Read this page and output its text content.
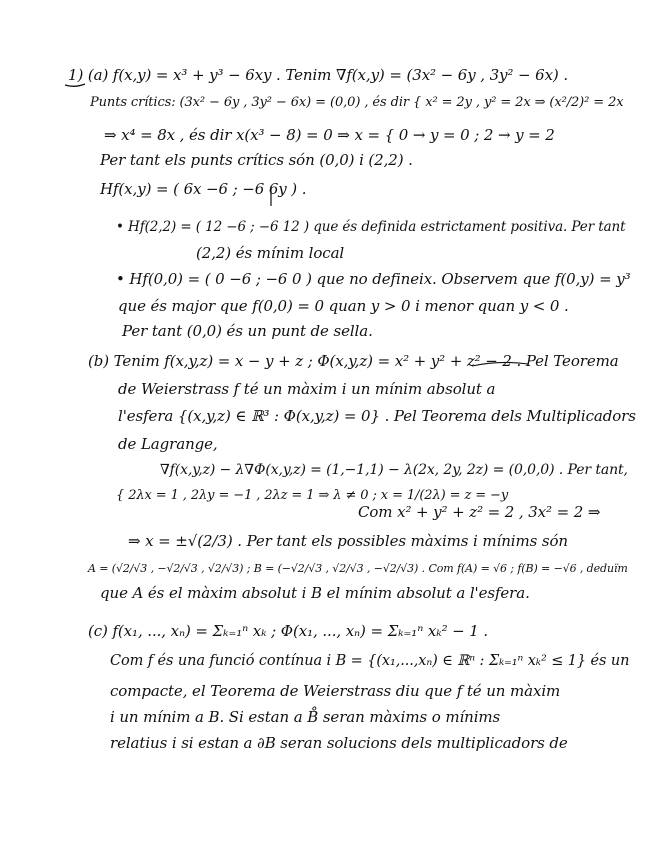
1) (a) f(x,y) = x³ + y³ − 6xy . Tenim ∇f(x,y) = (3x² − 6y , 3y² − 6x) .
Punts crítics: (3x² − 6y , 3y² − 6x) = (0,0) , és dir { x² = 2y , y² = 2x ⇒ (x²/2)² = 2x
⇒ x⁴ = 8x , és dir x(x³ − 8) = 0 ⇒ x = { 0 → y = 0 ; 2 → y = 2
Per tant els punts crítics són (0,0) i (2,2) .
Hf(x,y) = ( 6x −6 ; −6 6y ) .
• Hf(2,2) = ( 12 −6 ; −6 12 ) que és definida estrictament positiva. Per tant
(2,2) és mínim local
• Hf(0,0) = ( 0 −6 ; −6 0 ) que no defineix. Observem que f(0,y) = y³
que és major que f(0,0) = 0 quan y > 0 i menor quan y < 0 .
Per tant (0,0) és un punt de sella.
(b) Tenim f(x,y,z) = x − y + z ; Φ(x,y,z) = x² + y² + z² − 2 . Pel Teorema
de Weierstrass f té un màxim i un mínim absolut a
l'esfera {(x,y,z) ∈ ℝ³ : Φ(x,y,z) = 0} . Pel Teorema dels Multiplicadors
de Lagrange,
∇f(x,y,z) − λ∇Φ(x,y,z) = (1,−1,1) − λ(2x, 2y, 2z) = (0,0,0) . Per tant,
{ 2λx = 1 , 2λy = −1 , 2λz = 1 ⇒ λ ≠ 0 ; x = 1/(2λ) = z = −y
Com x² + y² + z² = 2 , 3x² = 2 ⇒
⇒ x = ±√(2/3) . Per tant els possibles màxims i mínims són
A = (√2/√3 , −√2/√3 , √2/√3) ; B = (−√2/√3 , √2/√3 , −√2/√3) . Com f(A) = √6 ; f(B) = −√6 , deduïm
que A és el màxim absolut i B el mínim absolut a l'esfera.
(c) f(x₁, ..., xₙ) = Σₖ₌₁ⁿ xₖ ; Φ(x₁, ..., xₙ) = Σₖ₌₁ⁿ xₖ² − 1 .
Com f és una funció contínua i B = {(x₁,...,xₙ) ∈ ℝⁿ : Σₖ₌₁ⁿ xₖ² ≤ 1} és un
compacte, el Teorema de Weierstrass diu que f té un màxim
i un mínim a B. Si estan a B̊ seran màxims o mínims
relatius i si estan a ∂B seran solucions dels multiplicadors de
